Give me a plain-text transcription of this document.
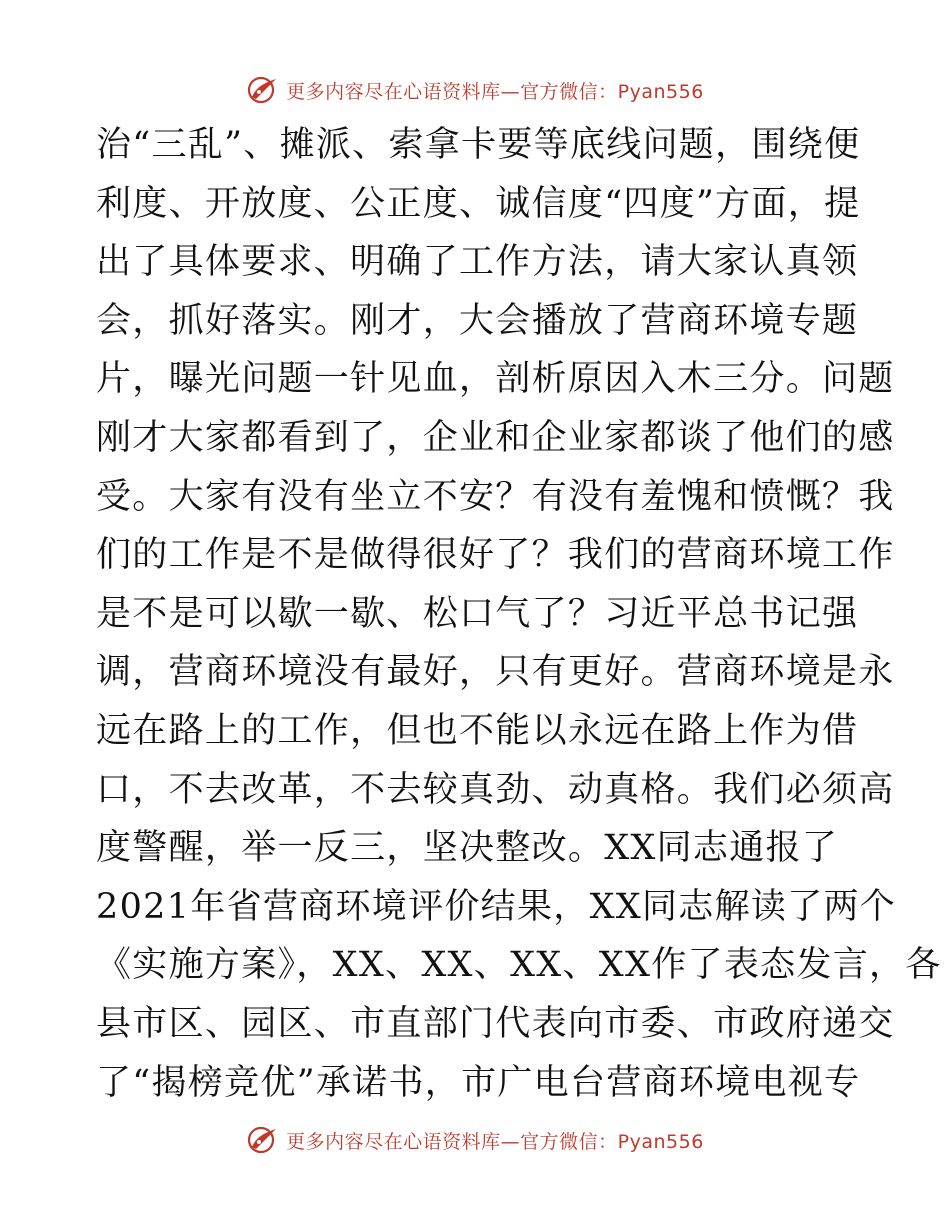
更多内容尽在心语资料库—官方微信：Pyan556
治“三乱”、摊派、索拿卡要等底线问题，围绕便
利度、开放度、公正度、诚信度“四度”方面，提
出了具体要求、明确了工作方法，请大家认真领
会，抓好落实。刚才，大会播放了营商环境专题
片，曝光问题一针见血，剖析原因入木三分。问题
刚才大家都看到了，企业和企业家都谈了他们的感
受。大家有没有坐立不安？有没有羞愧和愤慨？我
们的工作是不是做得很好了？我们的营商环境工作
是不是可以歇一歇、松口气了？习近平总书记强
调，营商环境没有最好，只有更好。营商环境是永
远在路上的工作，但也不能以永远在路上作为借
口，不去改革，不去较真劲、动真格。我们必须高
度警醒，举一反三，坚决整改。XX同志通报了
2021年省营商环境评价结果，XX同志解读了两个
《实施方案》，XX、XX、XX、XX作了表态发言，各
县市区、园区、市直部门代表向市委、市政府递交
了“揭榜竞优”承诺书，市广电台营商环境电视专
更多内容尽在心语资料库—官方微信：Pyan556
